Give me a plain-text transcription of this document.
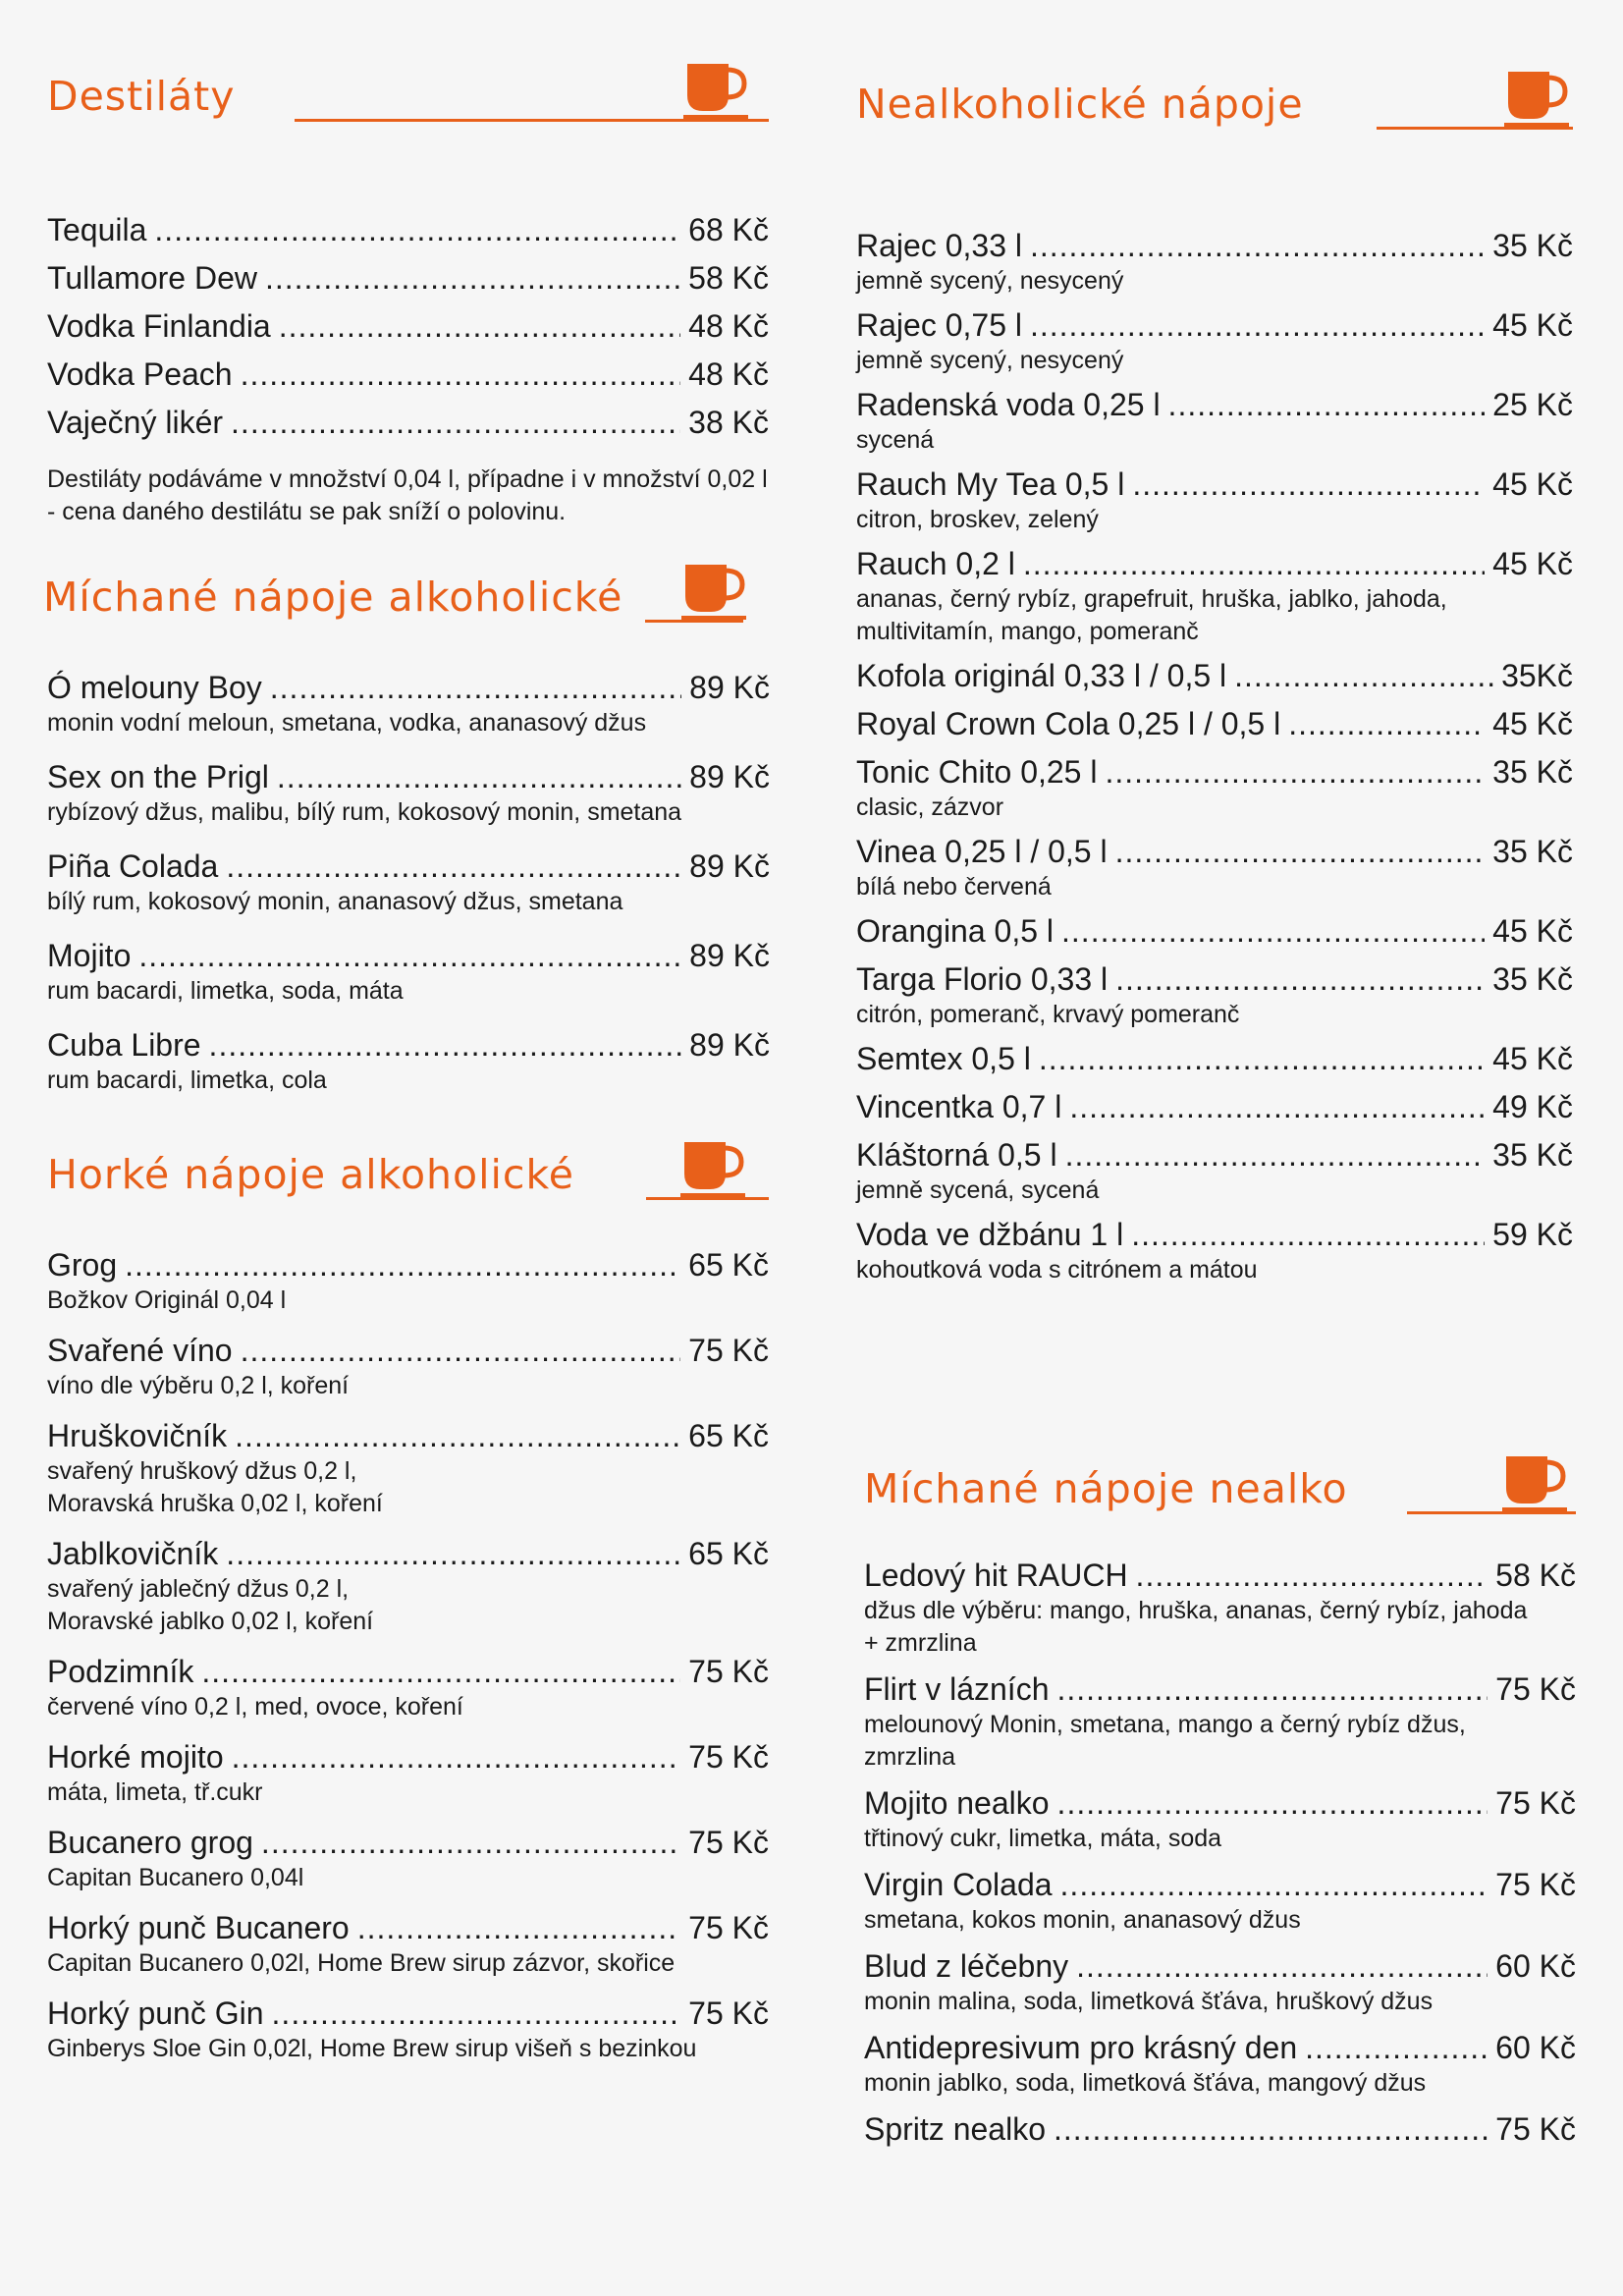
Destiláty
Tequila .....	68 Kč
Tullamore Dew .....	58 Kč
Vodka Finlandia .....	48 Kč
Vodka Peach .....	48 Kč
Vaječný likér .....	38 Kč
Destiláty podáváme v množství 0,04 l, případne i v množství 0,02 l - cena daného destilátu se pak sníží o polovinu.
Míchané nápoje alkoholické
Ó melouny Boy .....	89 Kč
monin vodní meloun, smetana, vodka, ananasový džus
Sex on the Prigl .....	89 Kč
rybízový džus, malibu, bílý rum, kokosový monin, smetana
Piña Colada .....	89 Kč
bílý rum, kokosový monin, ananasový džus, smetana
Mojito .....	89 Kč
rum bacardi, limetka, soda, máta
Cuba Libre .....	89 Kč
rum bacardi, limetka, cola
Horké nápoje alkoholické
Grog .....	65 Kč
Božkov Originál 0,04 l
Svařené víno .....	75 Kč
víno dle výběru 0,2 l, koření
Hruškovičník .....	65 Kč
svařený hruškový džus 0,2 l,
Moravská hruška 0,02 l, koření
Jablkovičník .....	65 Kč
svařený jablečný džus 0,2 l,
Moravské jablko 0,02 l, koření
Podzimník .....	75 Kč
červené víno 0,2 l, med, ovoce, koření
Horké mojito .....	75 Kč
máta, limeta, tř.cukr
Bucanero grog .....	75 Kč
Capitan Bucanero 0,04l
Horký punč Bucanero .....	75 Kč
Capitan Bucanero 0,02l, Home Brew sirup zázvor, skořice
Horký punč Gin .....	75 Kč
Ginberys Sloe Gin 0,02l, Home Brew sirup višeň s bezinkou
Nealkoholické nápoje
Rajec 0,33 l .....	35 Kč
jemně sycený, nesycený
Rajec 0,75 l .....	45 Kč
jemně sycený, nesycený
Radenská voda 0,25 l .....	25 Kč
sycená
Rauch My Tea 0,5 l .....	45 Kč
citron, broskev, zelený
Rauch 0,2 l .....	45 Kč
ananas, černý rybíz, grapefruit, hruška, jablko, jahoda, multivitamín, mango, pomeranč
Kofola originál 0,33 l / 0,5 l .....	35Kč
Royal Crown Cola 0,25 l / 0,5 l .....	45 Kč
Tonic Chito 0,25 l .....	35 Kč
clasic, zázvor
Vinea 0,25 l / 0,5 l .....	35 Kč
bílá nebo červená
Orangina 0,5 l .....	45 Kč
Targa Florio 0,33 l .....	35 Kč
citrón, pomeranč, krvavý pomeranč
Semtex 0,5 l .....	45 Kč
Vincentka 0,7 l .....	49 Kč
Kláštorná 0,5 l .....	35 Kč
jemně sycená, sycená
Voda ve džbánu 1 l .....	59 Kč
kohoutková voda s citrónem a mátou
Míchané nápoje nealko
Ledový hit RAUCH .....	58 Kč
džus dle výběru: mango, hruška, ananas, černý rybíz, jahoda
+ zmrzlina
Flirt v lázních .....	75 Kč
melounový Monin, smetana, mango a černý rybíz džus,
zmrzlina
Mojito nealko .....	75 Kč
třtinový cukr, limetka, máta, soda
Virgin Colada .....	75 Kč
smetana, kokos monin, ananasový džus
Blud z léčebny .....	60 Kč
monin malina, soda, limetková šťáva, hruškový džus
Antidepresivum pro krásný den .....	60 Kč
monin jablko, soda, limetková šťáva, mangový džus
Spritz nealko .....	75 Kč
